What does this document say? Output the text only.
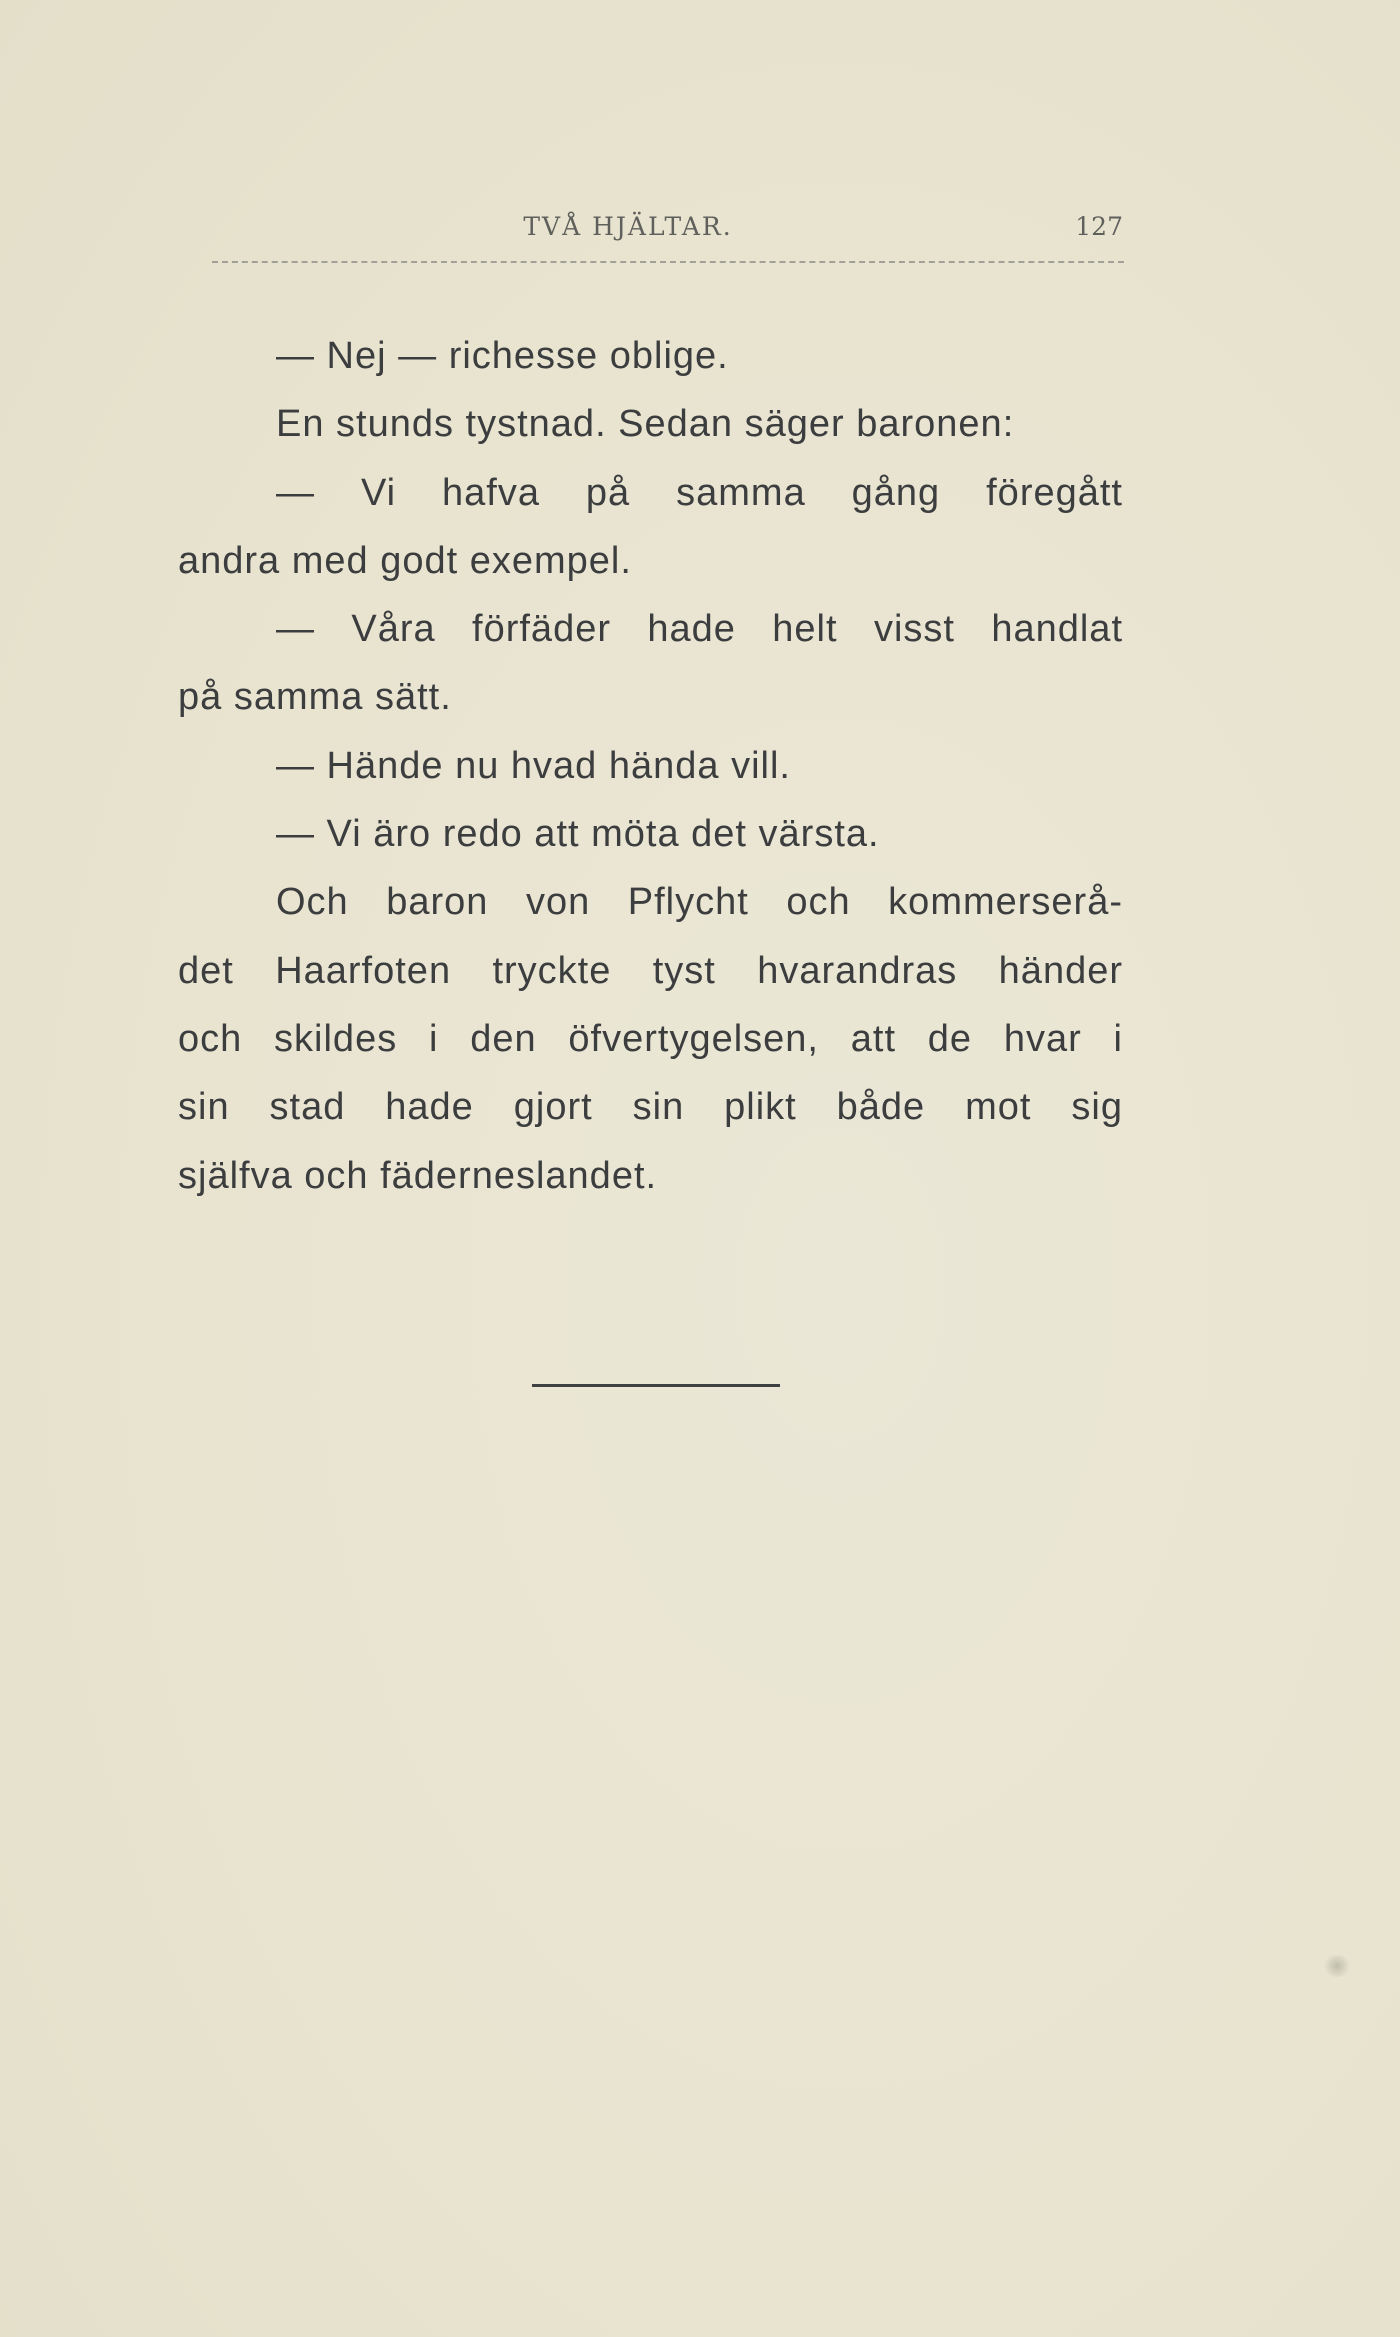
TVÅ HJÄLTAR.	127
— Nej — richesse oblige.
En stunds tystnad. Sedan säger baronen:
— Vi hafva på samma gång föregått
andra med godt exempel.
— Våra förfäder hade helt visst handlat
på samma sätt.
— Hände nu hvad hända vill.
— Vi äro redo att möta det värsta.
Och baron von Pflycht och kommerserå-
det Haarfoten tryckte tyst hvarandras händer
och skildes i den öfvertygelsen, att de hvar i
sin stad hade gjort sin plikt både mot sig
själfva och fäderneslandet.
